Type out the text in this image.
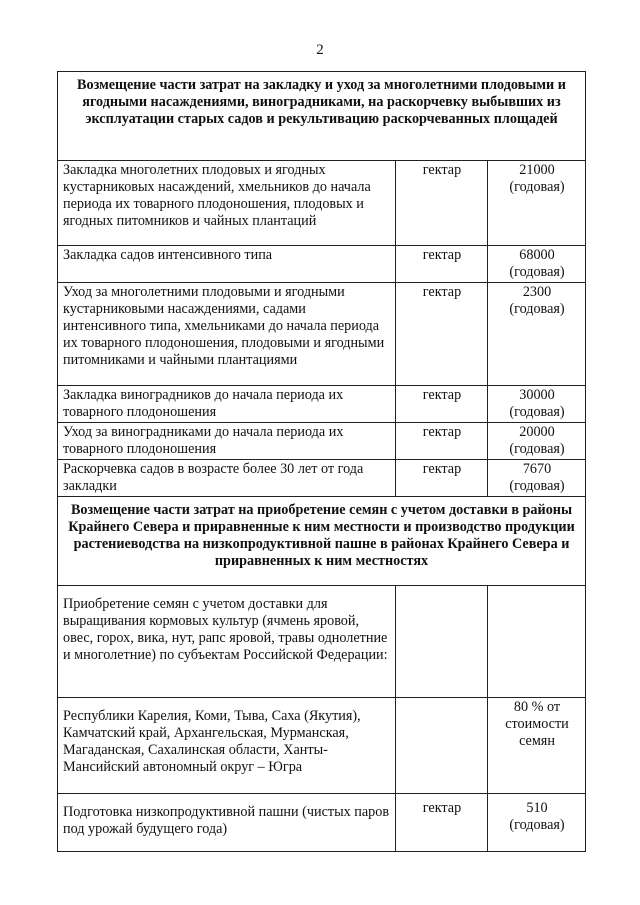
2
Возмещение части затрат на закладку и уход за многолетними плодовыми и ягодными насаждениями, виноградниками, на раскорчевку выбывших из эксплуатации старых садов и рекультивацию раскорчеванных площадей		
Закладка многолетних плодовых и ягодных кустарниковых насаждений, хмельников до начала периода их товарного плодоношения, плодовых и ягодных питомников и чайных плантаций	гектар	21000
(годовая)

Закладка садов интенсивного типа	гектар	68000
(годовая)

Уход за многолетними плодовыми и ягодными кустарниковыми насаждениями, садами интенсивного типа, хмельниками до начала периода их товарного плодоношения, плодовыми и ягодными питомниками и чайными плантациями	гектар	2300
(годовая)

Закладка виноградников до начала периода их товарного плодоношения	гектар	30000
(годовая)

Уход за виноградниками до начала периода их товарного плодоношения	гектар	20000
(годовая)

Раскорчевка садов в возрасте более 30 лет от года закладки	гектар	7670
(годовая)

Возмещение части затрат на приобретение семян с учетом доставки в районы Крайнего Севера и приравненные к ним местности и производство продукции растениеводства на низкопродуктивной пашне в районах Крайнего Севера и приравненных к ним местностях		
Приобретение семян с учетом доставки для выращивания кормовых культур (ячмень яровой, овес, горох, вика, нут, рапс яровой, травы однолетние и многолетние) по субъектам Российской Федерации:		

Республики Карелия, Коми, Тыва, Саха (Якутия), Камчатский край, Архангельская, Мурманская, Магаданская, Сахалинская области, Ханты-Мансийский автономный округ – Югра		80 % от стоимости семян

Подготовка низкопродуктивной пашни (чистых паров под урожай будущего года)	гектар	510
(годовая)
